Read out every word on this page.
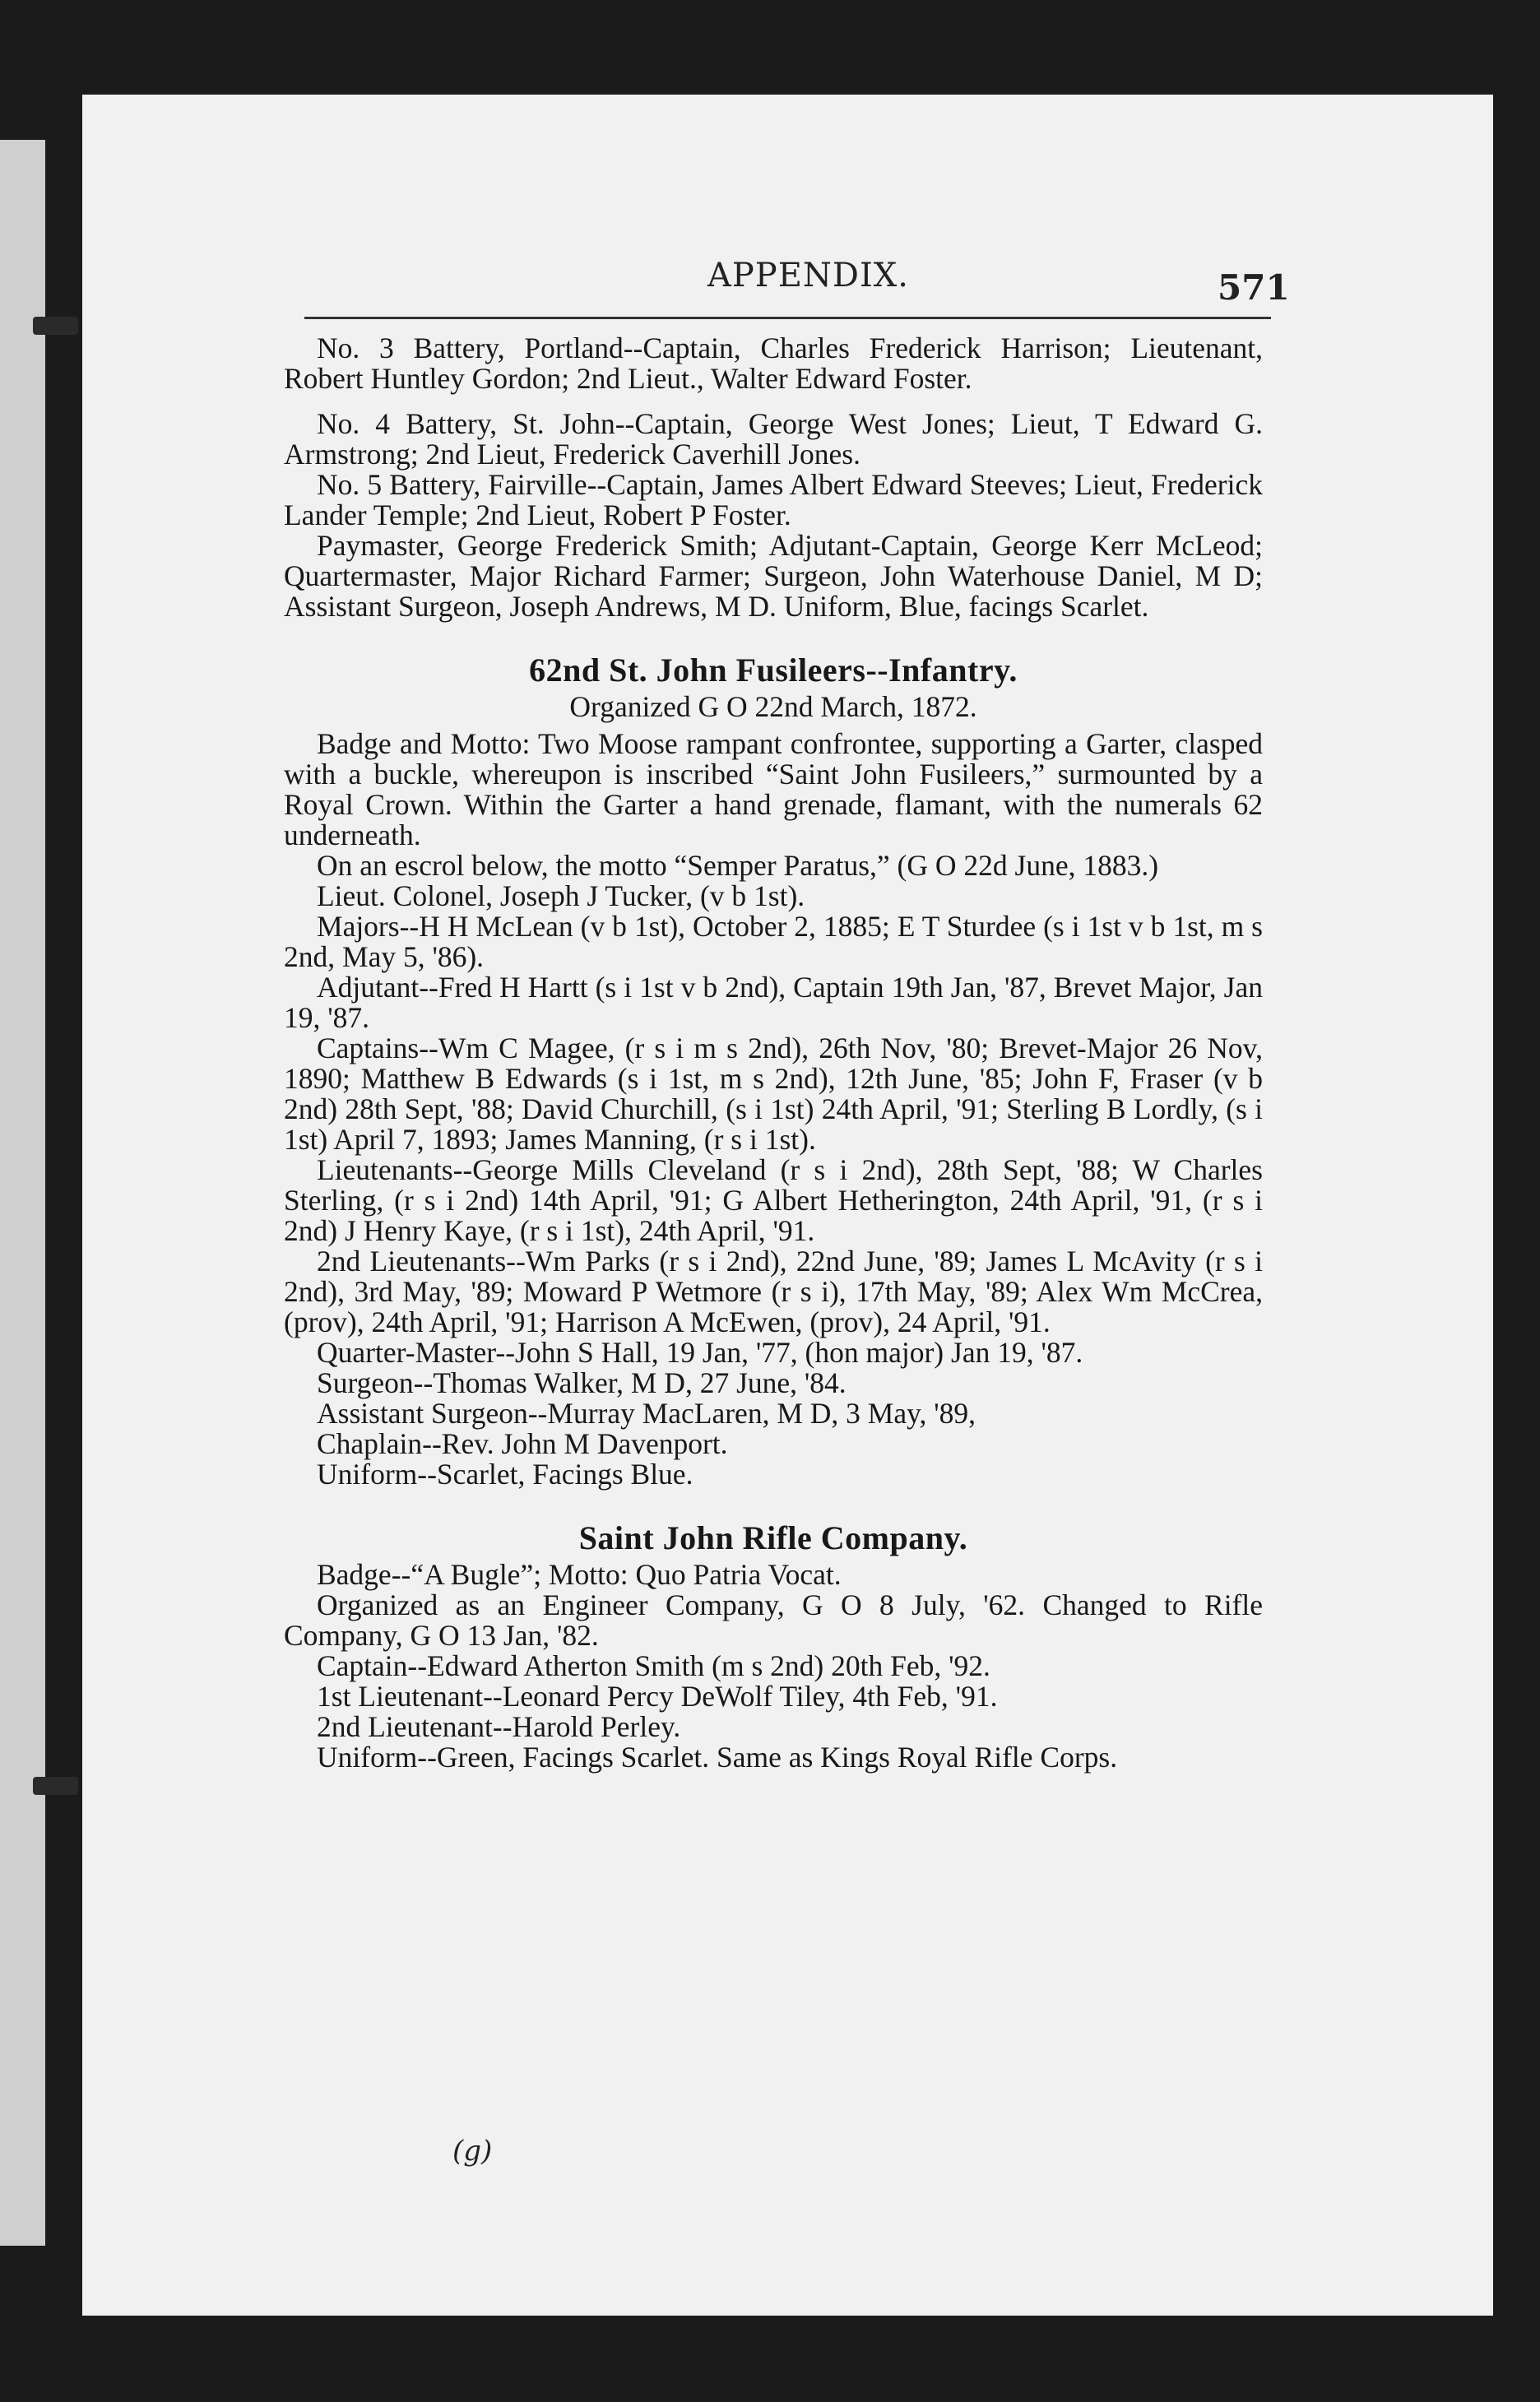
APPENDIX.	571

No. 3 Battery, Portland--Captain, Charles Frederick Harrison; Lieutenant, Robert Huntley Gordon; 2nd Lieut., Walter Edward Foster.

No. 4 Battery, St. John--Captain, George West Jones; Lieut, T Edward G. Armstrong; 2nd Lieut, Frederick Caverhill Jones.

No. 5 Battery, Fairville--Captain, James Albert Edward Steeves; Lieut, Frederick Lander Temple; 2nd Lieut, Robert P Foster.

Paymaster, George Frederick Smith; Adjutant-Captain, George Kerr McLeod; Quartermaster, Major Richard Farmer; Surgeon, John Waterhouse Daniel, M D; Assistant Surgeon, Joseph Andrews, M D. Uniform, Blue, facings Scarlet.

62nd St. John Fusileers--Infantry.

Organized G O 22nd March, 1872.

Badge and Motto: Two Moose rampant confrontee, supporting a Garter, clasped with a buckle, whereupon is inscribed “Saint John Fusileers,” surmounted by a Royal Crown. Within the Garter a hand grenade, flamant, with the numerals 62 underneath.

On an escrol below, the motto “Semper Paratus,” (G O 22d June, 1883.)

Lieut. Colonel, Joseph J Tucker, (v b 1st).

Majors--H H McLean (v b 1st), October 2, 1885; E T Sturdee (s i 1st v b 1st, m s 2nd, May 5, '86).

Adjutant--Fred H Hartt (s i 1st v b 2nd), Captain 19th Jan, '87, Brevet Major, Jan 19, '87.

Captains--Wm C Magee, (r s i m s 2nd), 26th Nov, '80; Brevet-Major 26 Nov, 1890; Matthew B Edwards (s i 1st, m s 2nd), 12th June, '85; John F, Fraser (v b 2nd) 28th Sept, '88; David Churchill, (s i 1st) 24th April, '91; Sterling B Lordly, (s i 1st) April 7, 1893; James Manning, (r s i 1st).

Lieutenants--George Mills Cleveland (r s i 2nd), 28th Sept, '88; W Charles Sterling, (r s i 2nd) 14th April, '91; G Albert Hetherington, 24th April, '91, (r s i 2nd) J Henry Kaye, (r s i 1st), 24th April, '91.

2nd Lieutenants--Wm Parks (r s i 2nd), 22nd June, '89; James L McAvity (r s i 2nd), 3rd May, '89; Moward P Wetmore (r s i), 17th May, '89; Alex Wm McCrea, (prov), 24th April, '91; Harrison A McEwen, (prov), 24 April, '91.

Quarter-Master--John S Hall, 19 Jan, '77, (hon major) Jan 19, '87.

Surgeon--Thomas Walker, M D, 27 June, '84.

Assistant Surgeon--Murray MacLaren, M D, 3 May, '89,

Chaplain--Rev. John M Davenport.

Uniform--Scarlet, Facings Blue.

Saint John Rifle Company.

Badge--“A Bugle”; Motto: Quo Patria Vocat.

Organized as an Engineer Company, G O 8 July, '62. Changed to Rifle Company, G O 13 Jan, '82.

Captain--Edward Atherton Smith (m s 2nd) 20th Feb, '92.

1st Lieutenant--Leonard Percy DeWolf Tiley, 4th Feb, '91.

2nd Lieutenant--Harold Perley.

Uniform--Green, Facings Scarlet. Same as Kings Royal Rifle Corps.

(g)
